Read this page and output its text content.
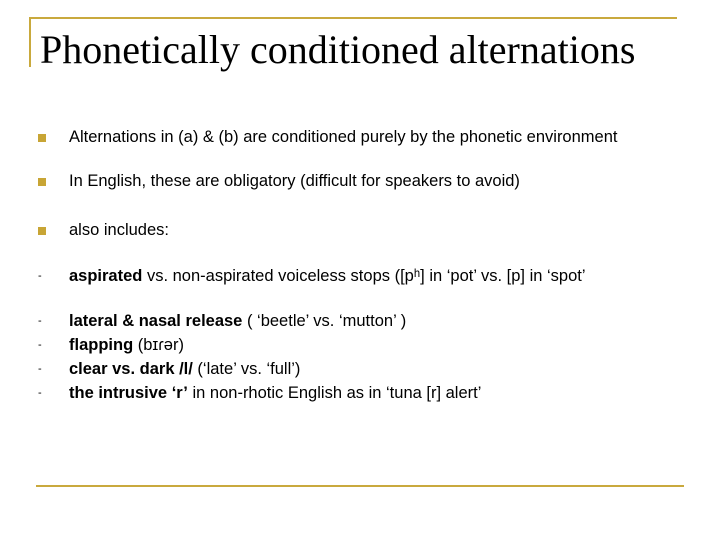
Phonetically conditioned alternations
Alternations in (a) & (b) are conditioned purely by the phonetic environment
In English, these are obligatory (difficult for speakers to avoid)
also includes:
- aspirated vs. non-aspirated voiceless stops ([pʰ] in ‘pot’ vs. [p] in ‘spot’
- lateral & nasal release ( ‘beetle’ vs. ‘mutton’ )
- flapping (bɪɾər)
- clear vs. dark /l/ (‘late’ vs. ‘full’)
- the intrusive ‘r’ in non-rhotic English as in ‘tuna [r] alert’
